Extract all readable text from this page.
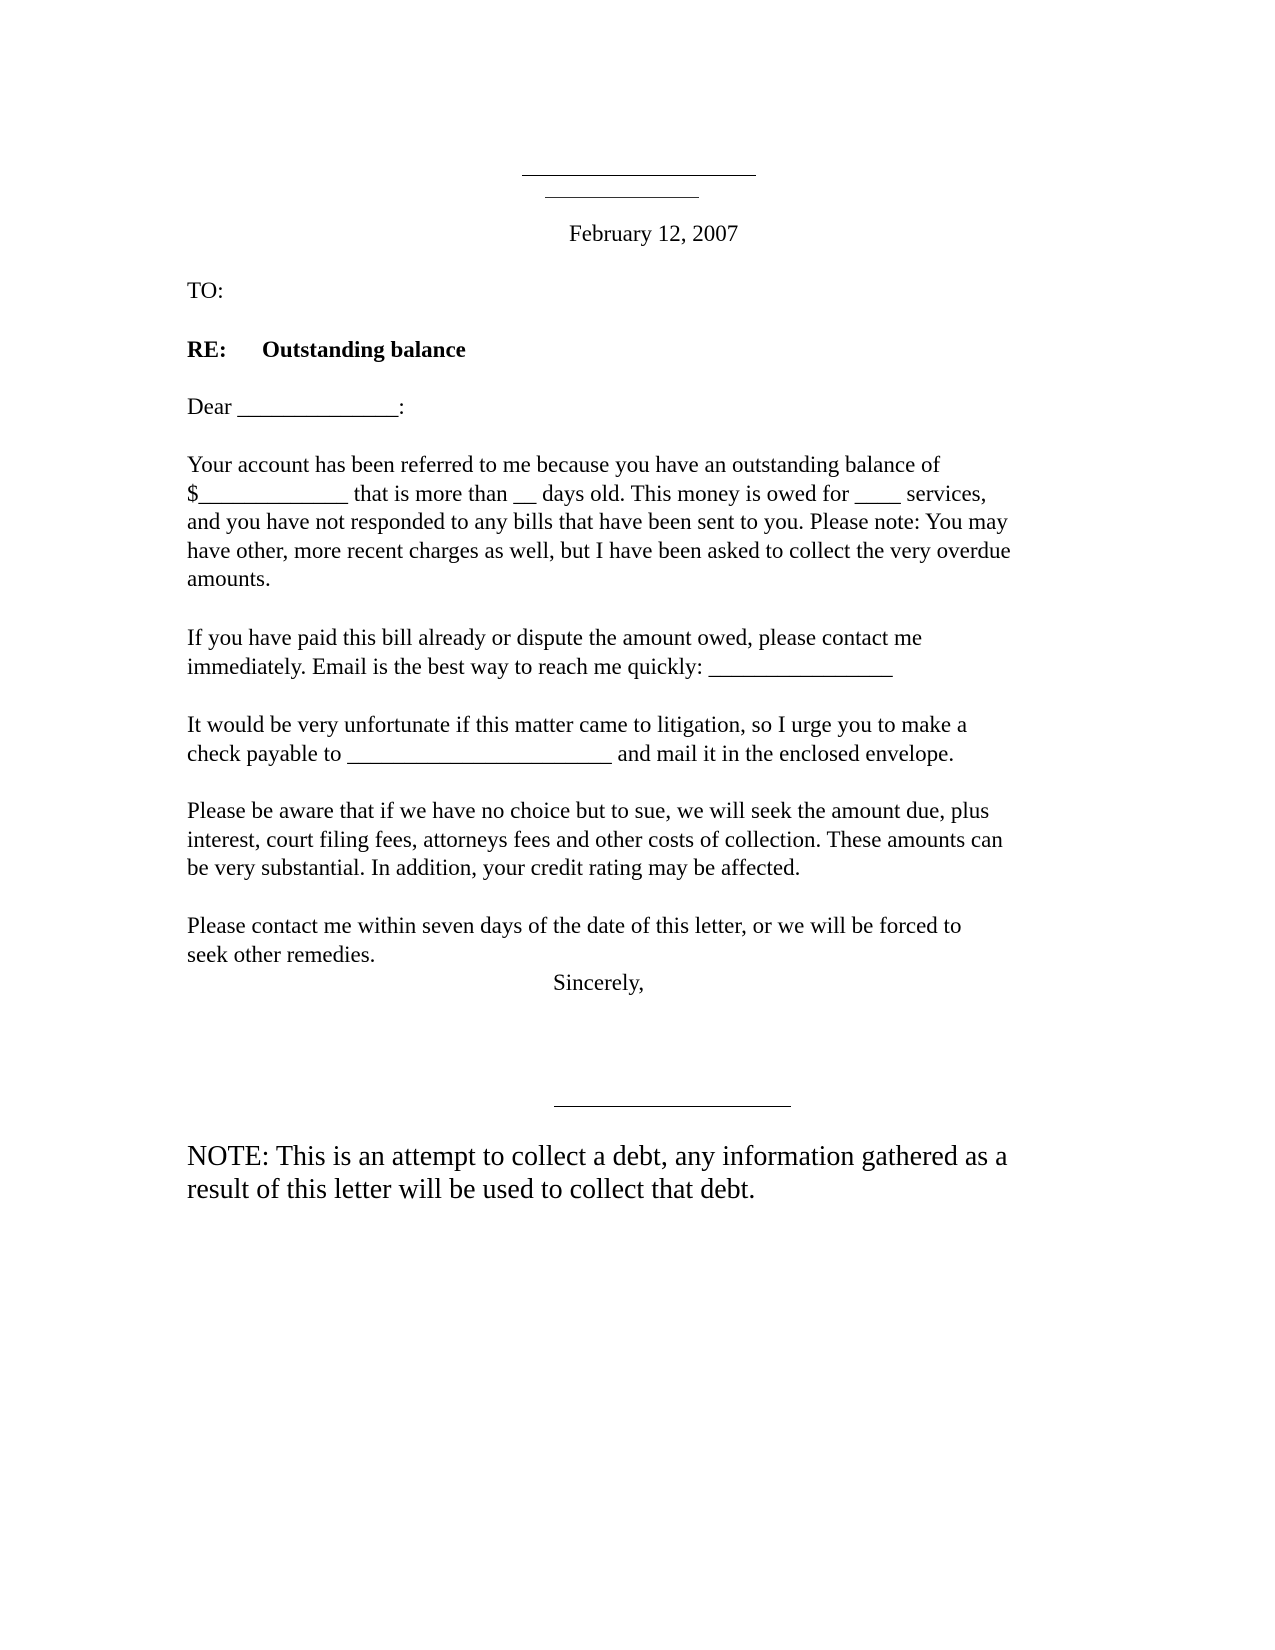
February 12, 2007
TO:
RE: Outstanding balance
Dear ______________:
Your account has been referred to me because you have an outstanding balance of
$_____________ that is more than __ days old. This money is owed for ____ services,
and you have not responded to any bills that have been sent to you. Please note: You may
have other, more recent charges as well, but I have been asked to collect the very overdue
amounts.
If you have paid this bill already or dispute the amount owed, please contact me
immediately. Email is the best way to reach me quickly: ________________
It would be very unfortunate if this matter came to litigation, so I urge you to make a
check payable to _______________________ and mail it in the enclosed envelope.
Please be aware that if we have no choice but to sue, we will seek the amount due, plus
interest, court filing fees, attorneys fees and other costs of collection. These amounts can
be very substantial. In addition, your credit rating may be affected.
Please contact me within seven days of the date of this letter, or we will be forced to
seek other remedies.
Sincerely,
NOTE: This is an attempt to collect a debt, any information gathered as a
result of this letter will be used to collect that debt.
